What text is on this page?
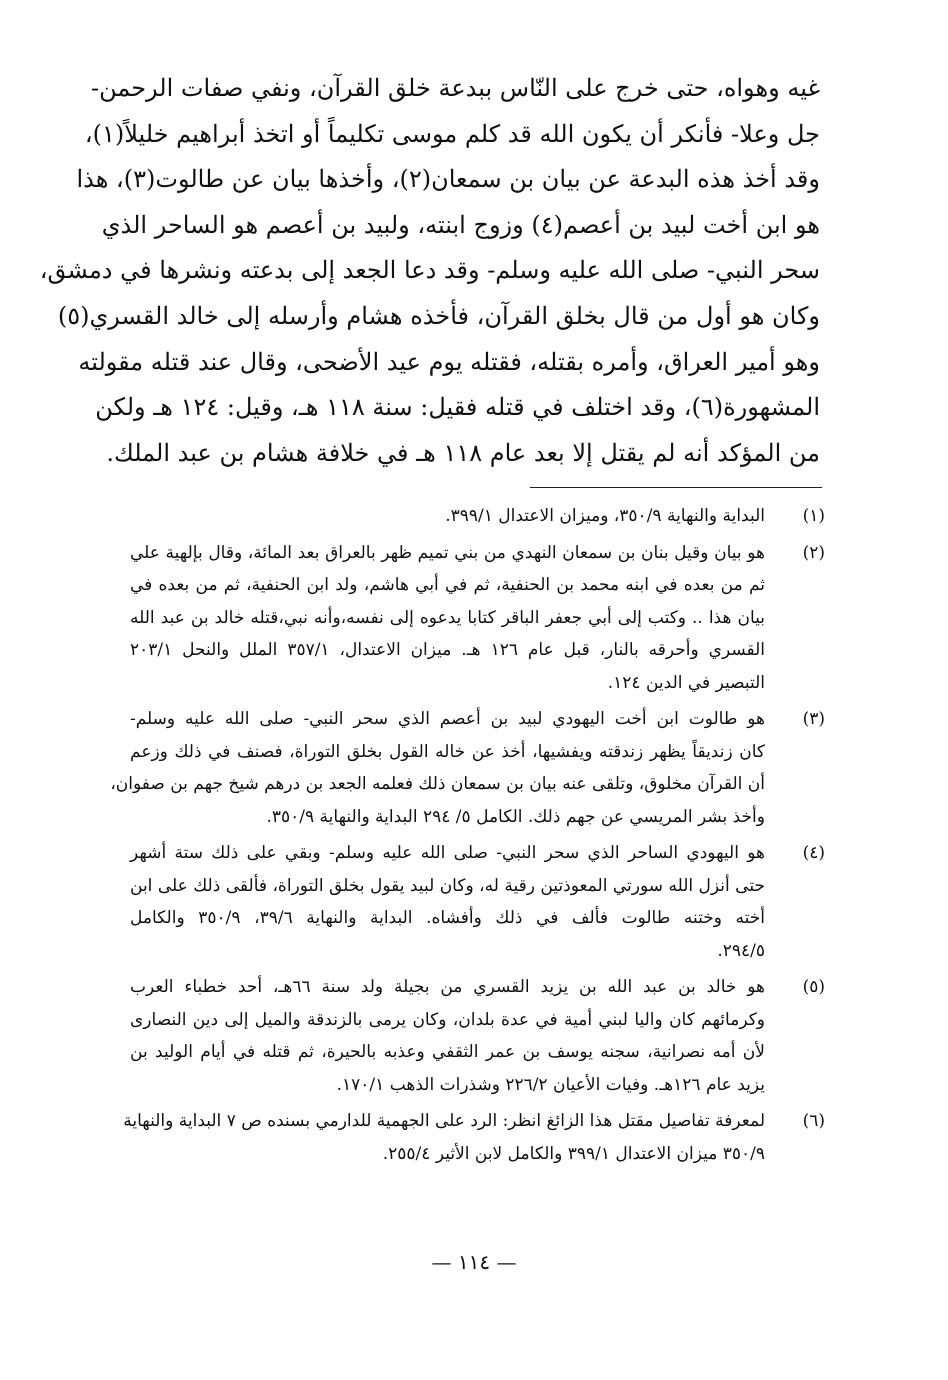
غيه وهواه، حتى خرج على النّاس ببدعة خلق القرآن، ونفي صفات الرحمن-
جل وعلا- فأنكر أن يكون الله قد كلم موسى تكليماً أو اتخذ أبراهيم خليلاً(١)،
وقد أخذ هذه البدعة عن بيان بن سمعان(٢)، وأخذها بيان عن طالوت(٣)، هذا
هو ابن أخت لبيد بن أعصم(٤) وزوج ابنته، ولبيد بن أعصم هو الساحر الذي
سحر النبي- صلى الله عليه وسلم- وقد دعا الجعد إلى بدعته ونشرها في دمشق،
وكان هو أول من قال بخلق القرآن، فأخذه هشام وأرسله إلى خالد القسري(٥)
وهو أمير العراق، وأمره بقتله، فقتله يوم عيد الأضحى، وقال عند قتله مقولته
المشهورة(٦)، وقد اختلف في قتله فقيل: سنة ١١٨ هـ، وقيل: ١٢٤ هـ ولكن
من المؤكد أنه لم يقتل إلا بعد عام ١١٨ هـ في خلافة هشام بن عبد الملك.
(١)
البداية والنهاية ٣٥٠/٩، وميزان الاعتدال ٣٩٩/١.
(٢)
هو بيان وقيل بنان بن سمعان النهدي من بني تميم ظهر بالعراق بعد المائة، وقال بإلهية علي
ثم من بعده في ابنه محمد بن الحنفية، ثم في أبي هاشم، ولد ابن الحنفية، ثم من بعده في
بيان هذا .. وكتب إلى أبي جعفر الباقر كتابا يدعوه إلى نفسه،وأنه نبي،قتله خالد بن عبد الله
القسري وأحرقه بالنار، قبل عام ١٢٦ هـ. ميزان الاعتدال، ٣٥٧/١ الملل والنحل ٢٠٣/١
التبصير في الدين ١٢٤.
(٣)
هو طالوت ابن أخت اليهودي لبيد بن أعصم الذي سحر النبي- صلى الله عليه وسلم-
كان زنديقاً يظهر زندقته ويفشيها، أخذ عن خاله القول بخلق التوراة، فصنف في ذلك وزعم
أن القرآن مخلوق، وتلقى عنه بيان بن سمعان ذلك فعلمه الجعد بن درهم شيخ جهم بن صفوان،
وأخذ بشر المريسي عن جهم ذلك. الكامل ٥/ ٢٩٤ البداية والنهاية ٣٥٠/٩.
(٤)
هو اليهودي الساحر الذي سحر النبي- صلى الله عليه وسلم- وبقي على ذلك ستة أشهر
حتى أنزل الله سورتي المعوذتين رقية له، وكان لبيد يقول بخلق التوراة، فألقى ذلك على ابن
أخته وختنه طالوت فألف في ذلك وأفشاه. البداية والنهاية ٣٩/٦، ٣٥٠/٩ والكامل
٢٩٤/٥.
(٥)
هو خالد بن عبد الله بن يزيد القسري من بجيلة ولد سنة ٦٦هـ، أحد خطباء العرب
وكرمائهم كان واليا لبني أمية في عدة بلدان، وكان يرمى بالزندقة والميل إلى دين النصارى
لأن أمه نصرانية، سجنه يوسف بن عمر الثقفي وعذبه بالحيرة، ثم قتله في أيام الوليد بن
يزيد عام ١٢٦هـ. وفيات الأعيان ٢٢٦/٢ وشذرات الذهب ١٧٠/١.
(٦)
لمعرفة تفاصيل مقتل هذا الزائغ انظر: الرد على الجهمية للدارمي بسنده ص ٧ البداية والنهاية
٣٥٠/٩ ميزان الاعتدال ٣٩٩/١ والكامل لابن الأثير ٢٥٥/٤.
— ١١٤ —
